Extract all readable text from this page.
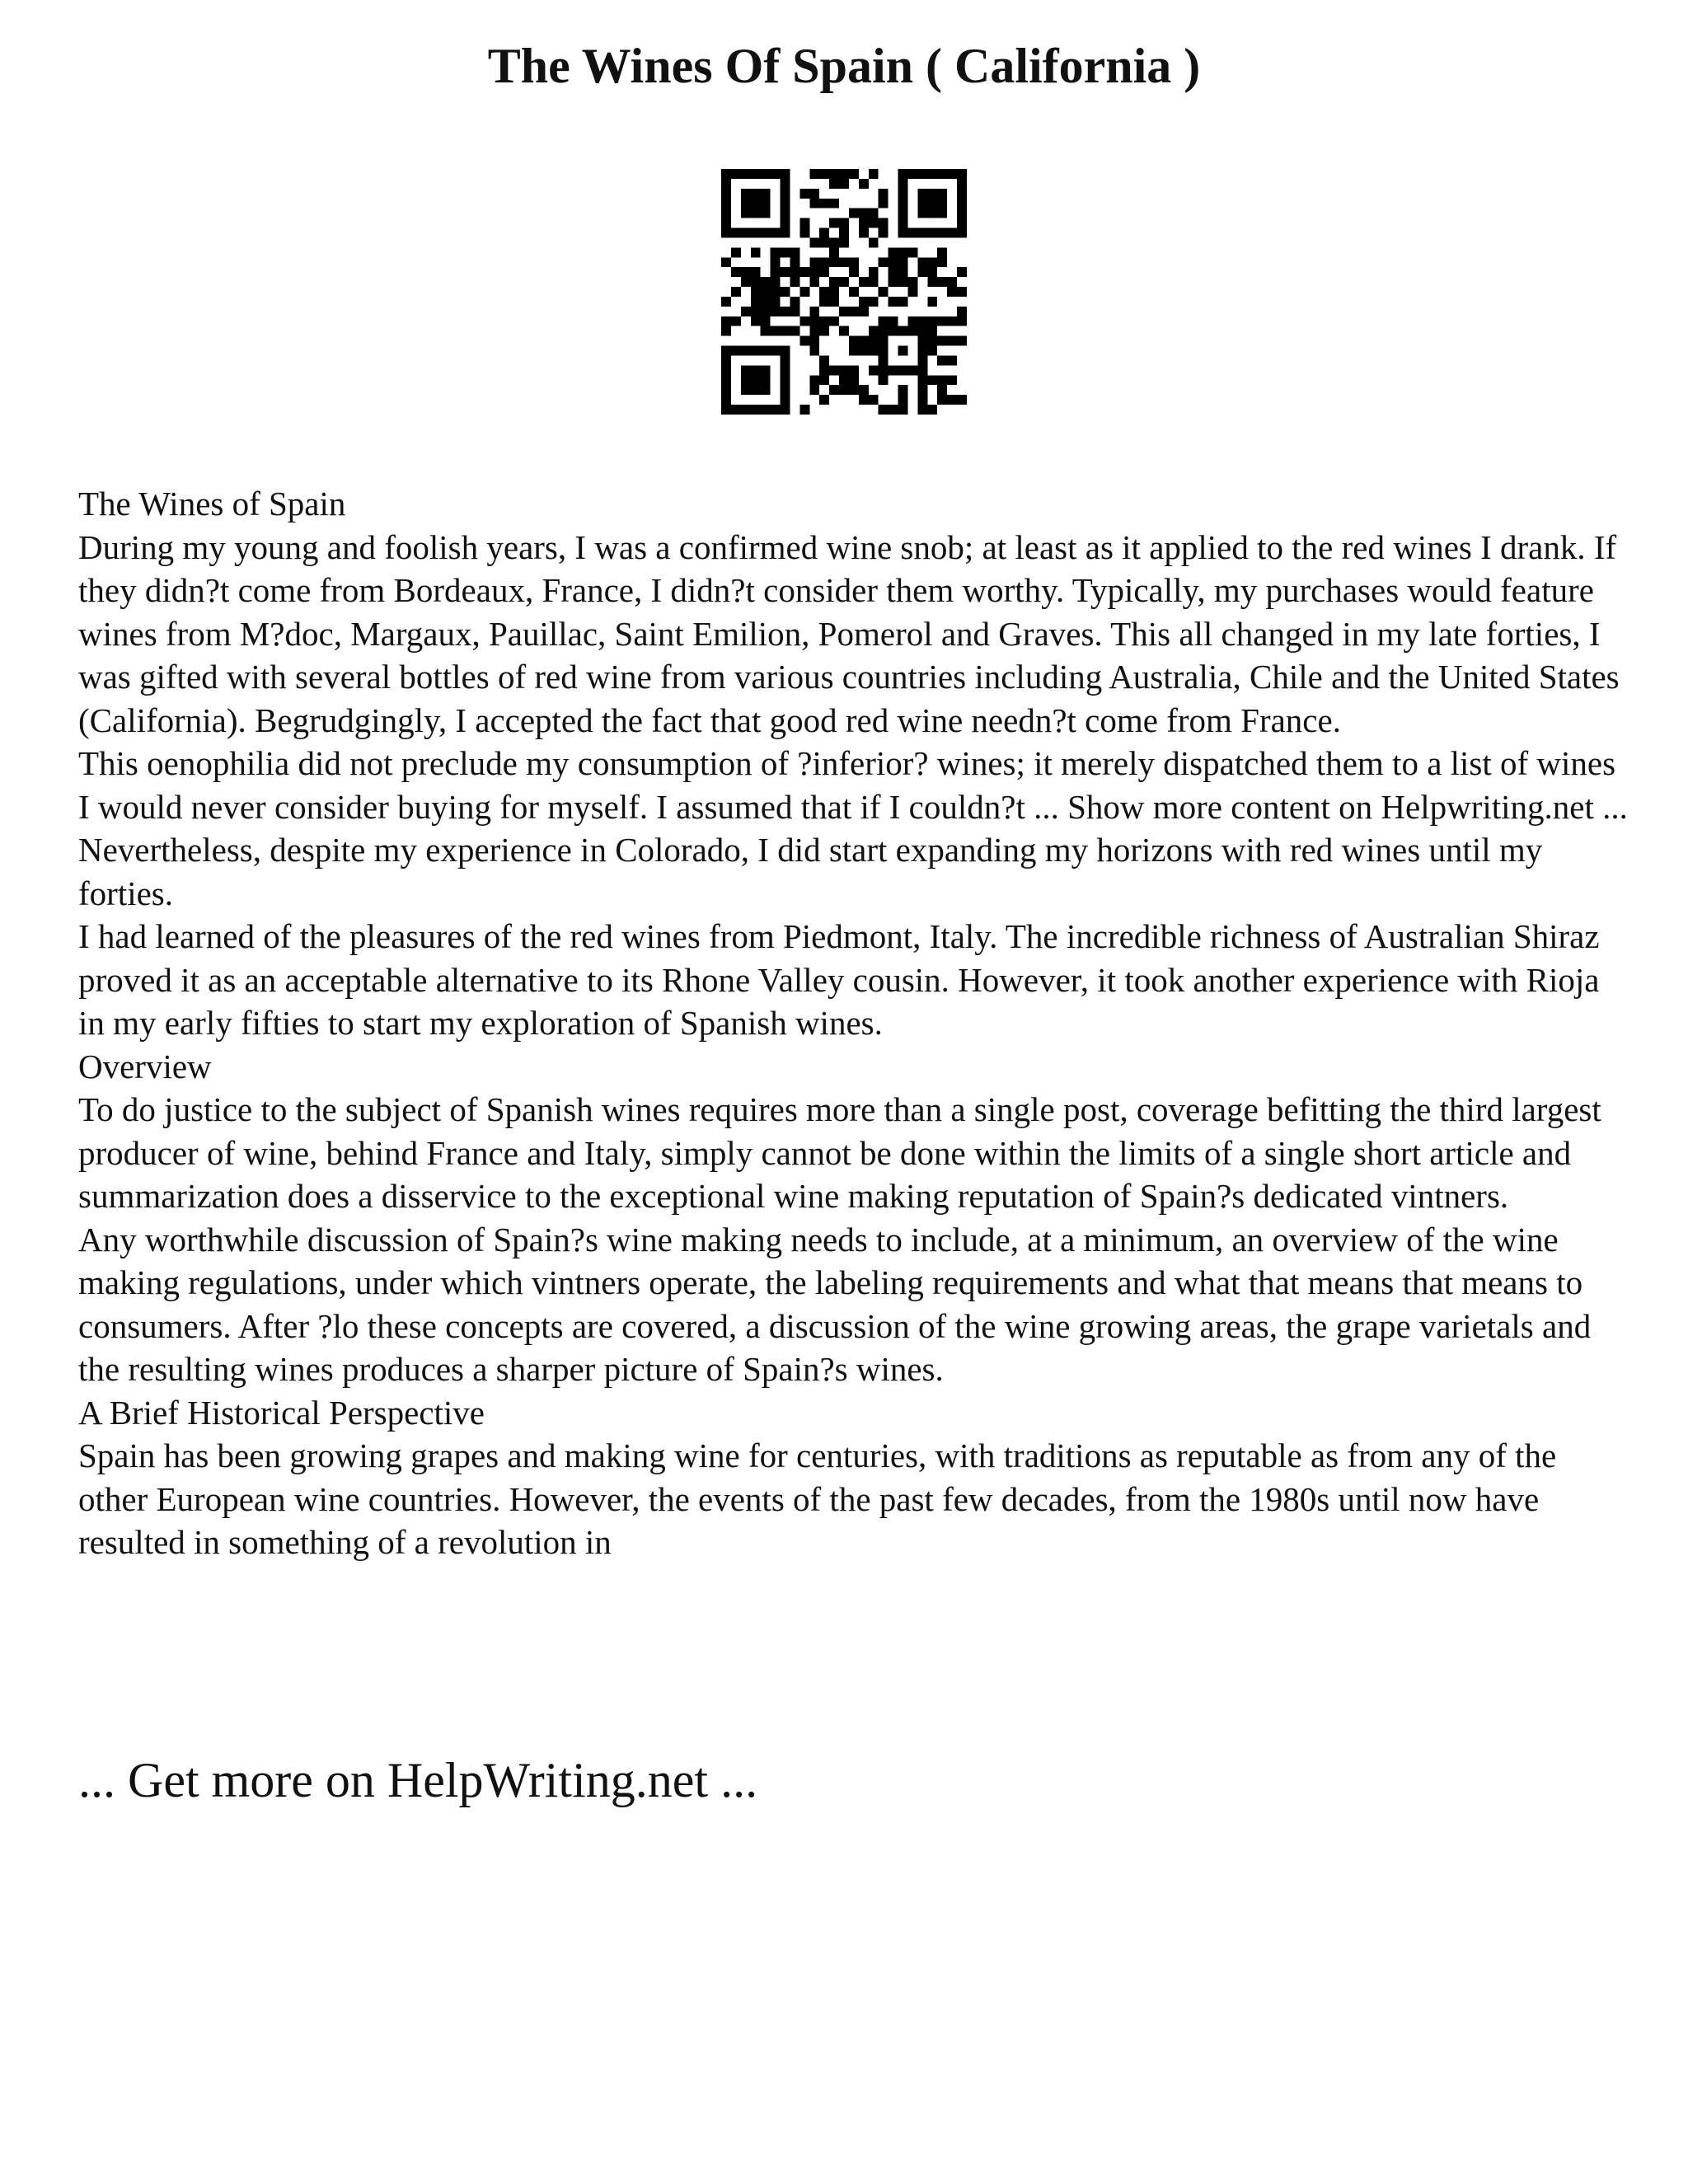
The Wines Of Spain ( California )

The Wines of Spain

During my young and foolish years, I was a confirmed wine snob; at least as it applied to the red wines I drank. If they didn?t come from Bordeaux, France, I didn?t consider them worthy. Typically, my purchases would feature wines from M?doc, Margaux, Pauillac, Saint Emilion, Pomerol and Graves. This all changed in my late forties, I was gifted with several bottles of red wine from various countries including Australia, Chile and the United States (California). Begrudgingly, I accepted the fact that good red wine needn?t come from France.

This oenophilia did not preclude my consumption of ?inferior? wines; it merely dispatched them to a list of wines I would never consider buying for myself. I assumed that if I couldn?t ... Show more content on Helpwriting.net ...

Nevertheless, despite my experience in Colorado, I did start expanding my horizons with red wines until my forties.

I had learned of the pleasures of the red wines from Piedmont, Italy. The incredible richness of Australian Shiraz proved it as an acceptable alternative to its Rhone Valley cousin. However, it took another experience with Rioja in my early fifties to start my exploration of Spanish wines.

Overview

To do justice to the subject of Spanish wines requires more than a single post, coverage befitting the third largest producer of wine, behind France and Italy, simply cannot be done within the limits of a single short article and summarization does a disservice to the exceptional wine making reputation of Spain?s dedicated vintners.

Any worthwhile discussion of Spain?s wine making needs to include, at a minimum, an overview of the wine making regulations, under which vintners operate, the labeling requirements and what that means that means to consumers. After ?lo these concepts are covered, a discussion of the wine growing areas, the grape varietals and the resulting wines produces a sharper picture of Spain?s wines.

A Brief Historical Perspective

Spain has been growing grapes and making wine for centuries, with traditions as reputable as from any of the other European wine countries. However, the events of the past few decades, from the 1980s until now have resulted in something of a revolution in

... Get more on HelpWriting.net ...
